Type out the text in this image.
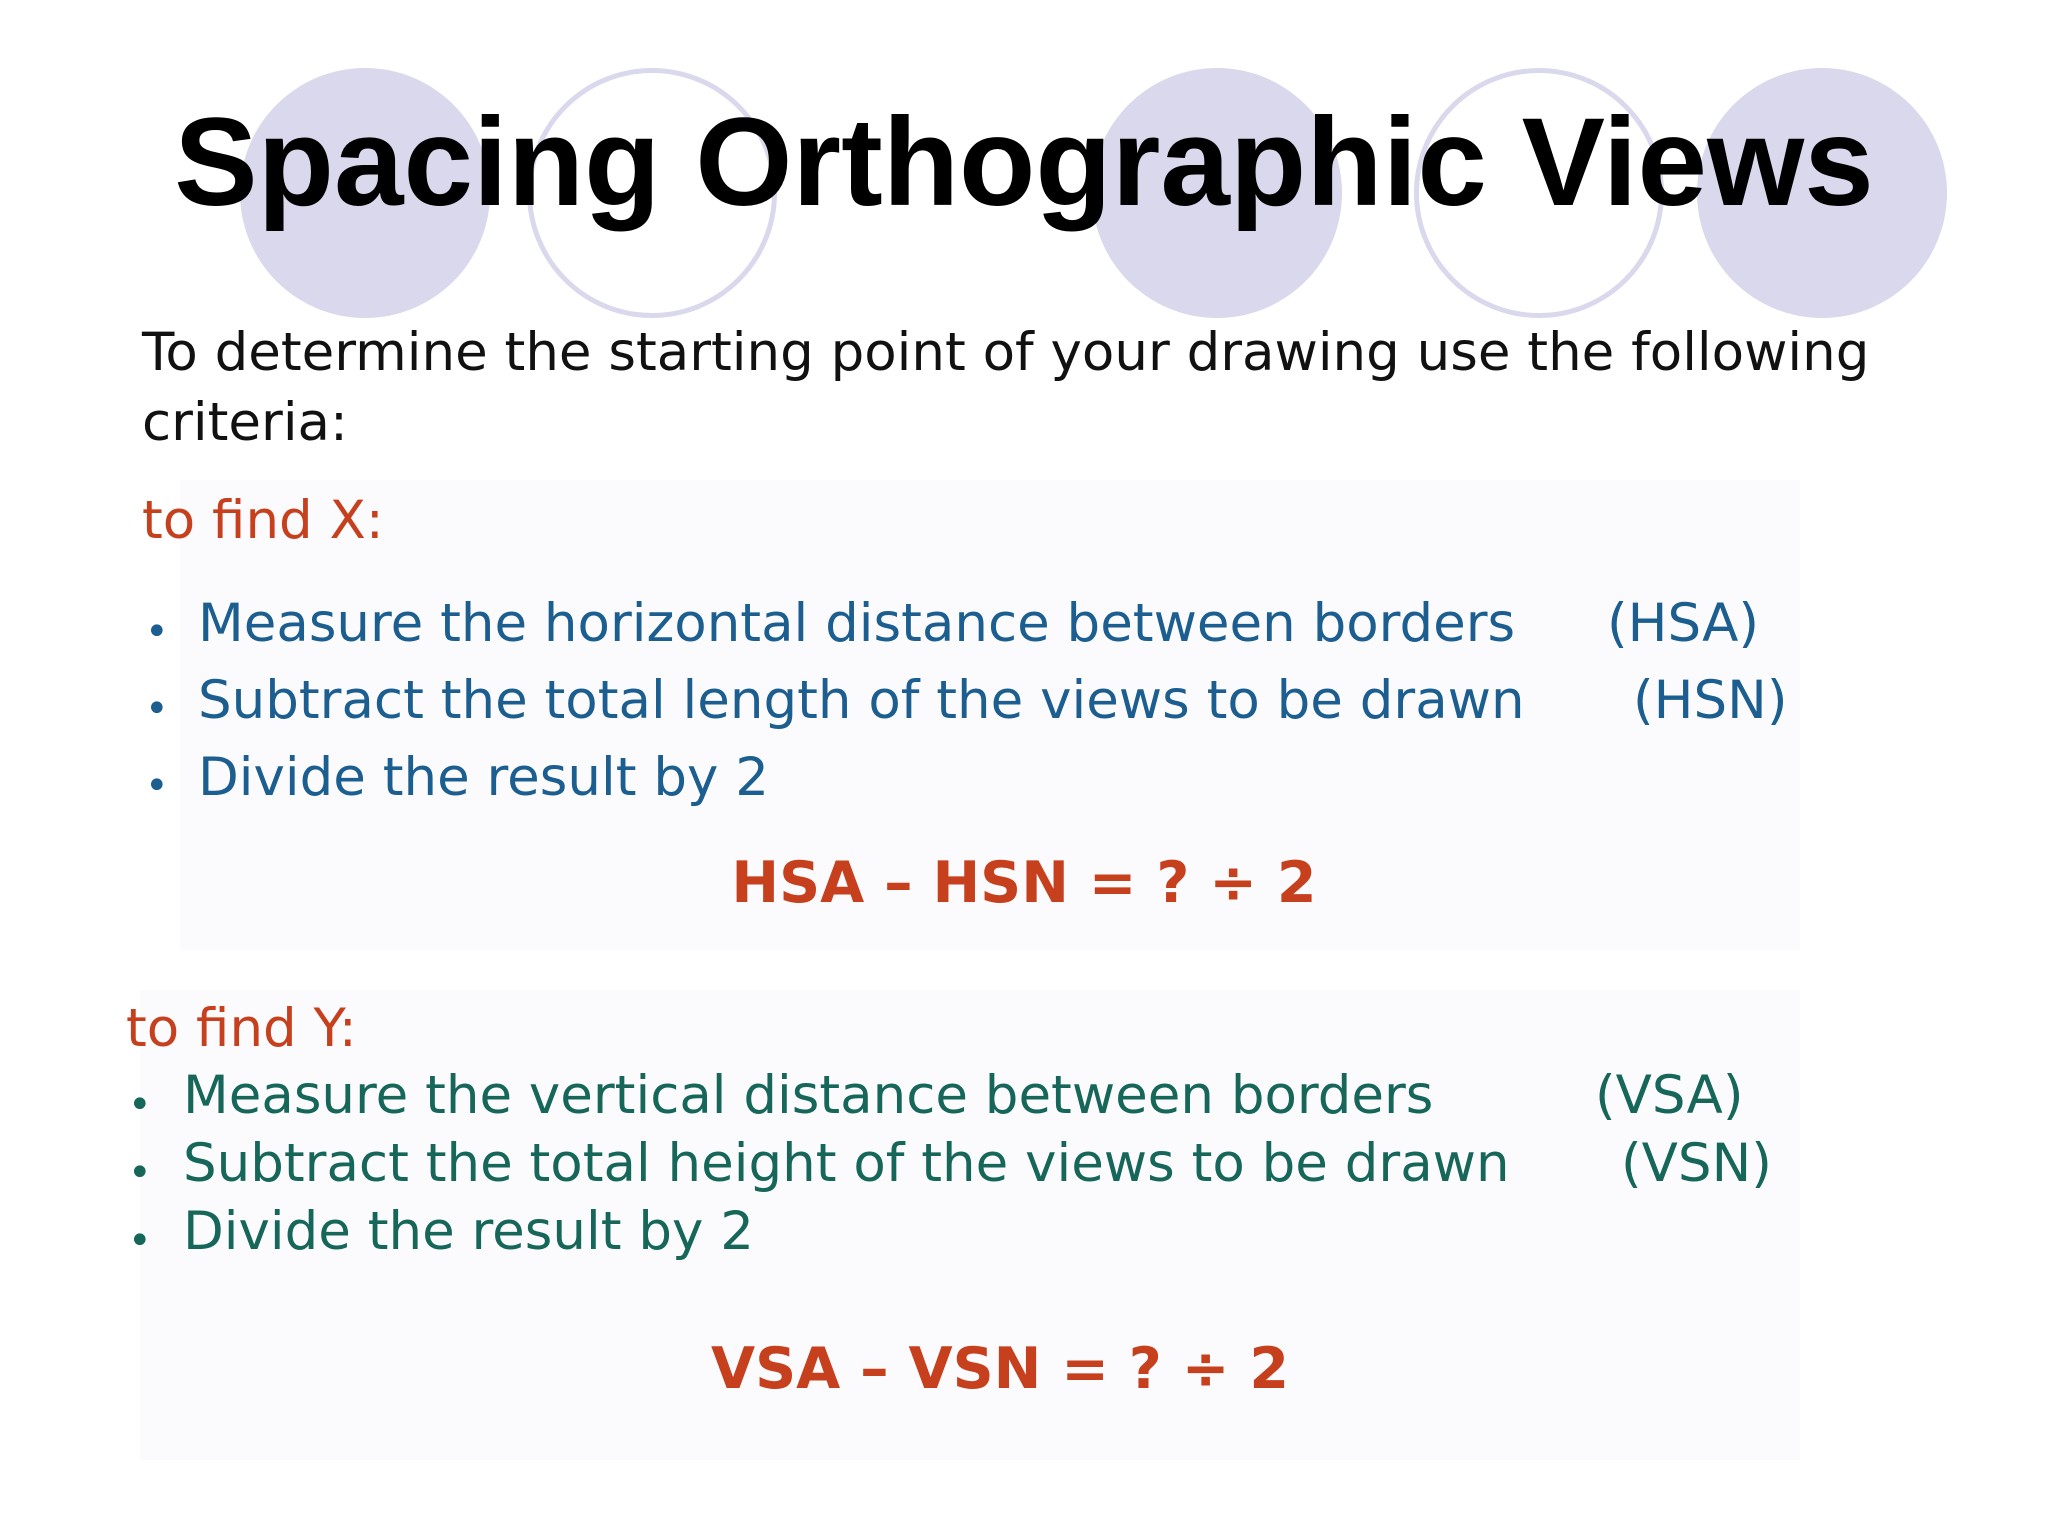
Spacing Orthographic Views

To determine the starting point of your drawing use the following criteria:

to find X:

• Measure the horizontal distance between borders (HSA)

• Subtract the total length of the views to be drawn (HSN)

• Divide the result by 2

HSA – HSN = ? ÷ 2

to find Y:

• Measure the vertical distance between borders	(VSA)

• Subtract the total height of the views to be drawn (VSN)

• Divide the result by 2

VSA – VSN = ? ÷ 2
